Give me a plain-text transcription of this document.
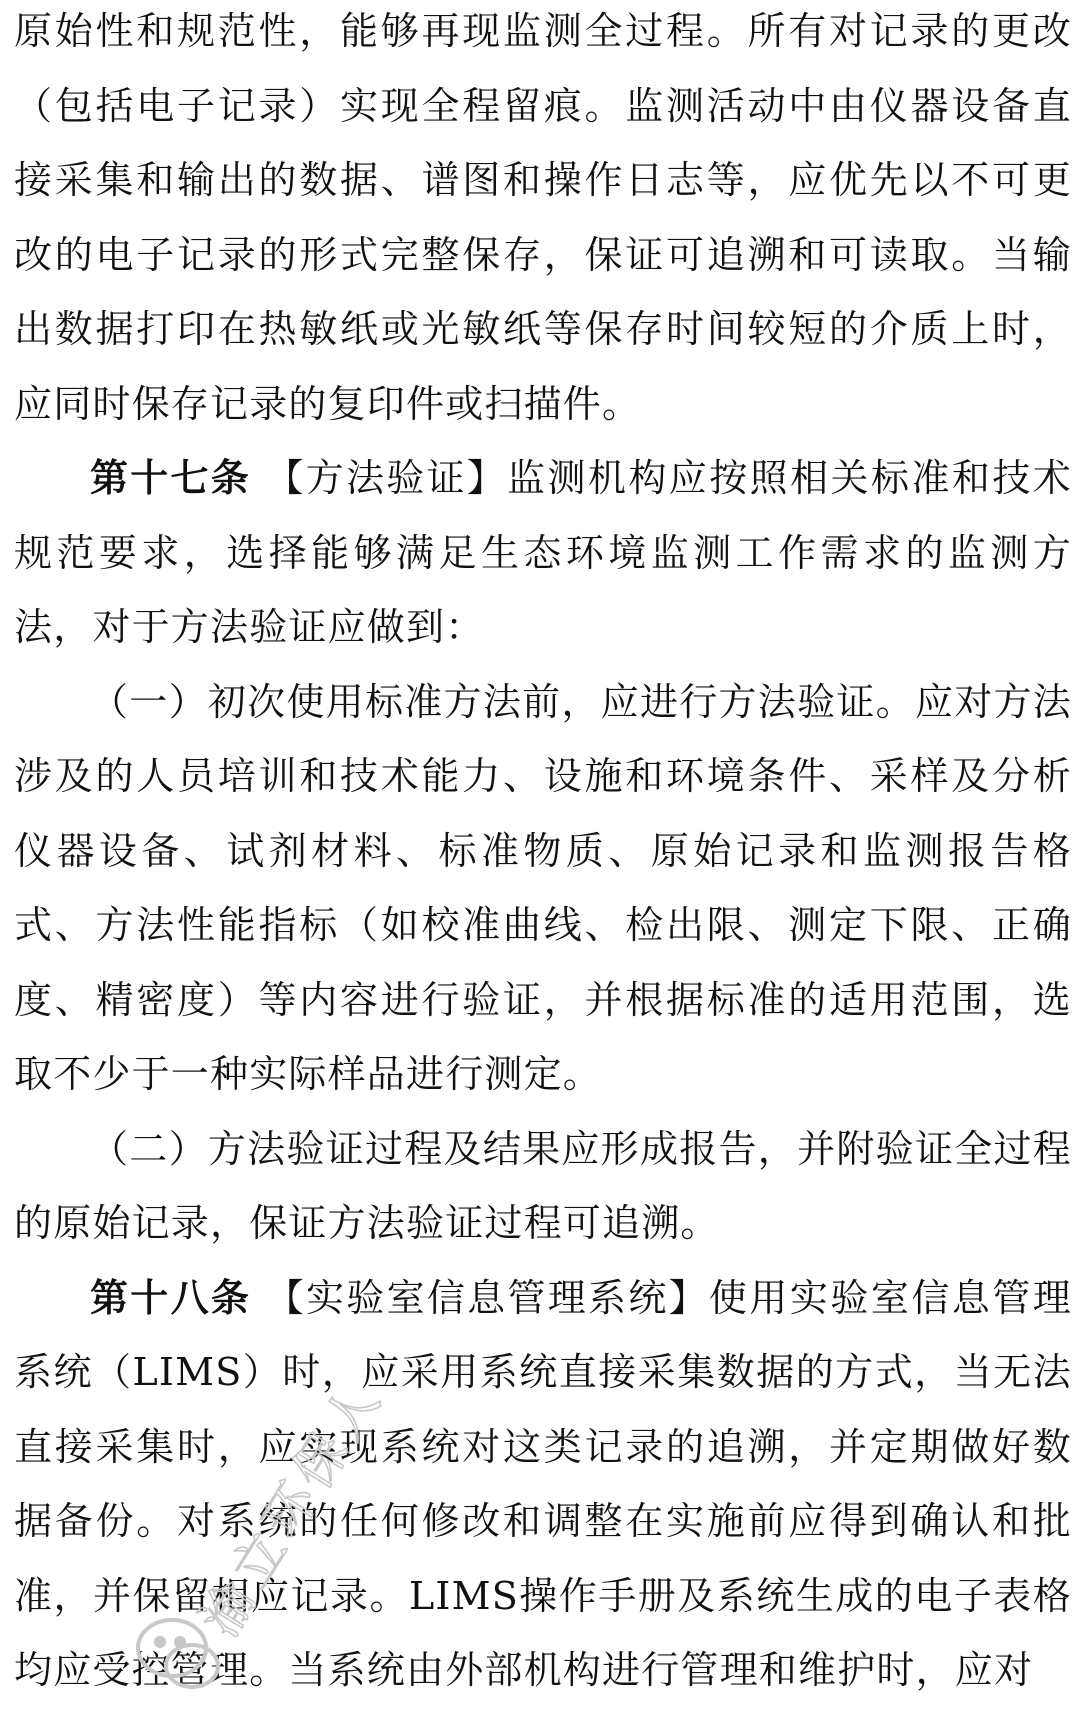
原始性和规范性，能够再现监测全过程。所有对记录的更改（包括电子记录）实现全程留痕。监测活动中由仪器设备直接采集和输出的数据、谱图和操作日志等，应优先以不可更改的电子记录的形式完整保存，保证可追溯和可读取。当输出数据打印在热敏纸或光敏纸等保存时间较短的介质上时，应同时保存记录的复印件或扫描件。

第十七条 【方法验证】监测机构应按照相关标准和技术规范要求，选择能够满足生态环境监测工作需求的监测方法，对于方法验证应做到：

（一）初次使用标准方法前，应进行方法验证。应对方法涉及的人员培训和技术能力、设施和环境条件、采样及分析仪器设备、试剂材料、标准物质、原始记录和监测报告格式、方法性能指标（如校准曲线、检出限、测定下限、正确度、精密度）等内容进行验证，并根据标准的适用范围，选取不少于一种实际样品进行测定。

（二）方法验证过程及结果应形成报告，并附验证全过程的原始记录，保证方法验证过程可追溯。

第十八条 【实验室信息管理系统】使用实验室信息管理系统（LIMS）时，应采用系统直接采集数据的方式，当无法直接采集时，应实现系统对这类记录的追溯，并定期做好数据备份。对系统的任何修改和调整在实施前应得到确认和批准，并保留相应记录。LIMS操作手册及系统生成的电子表格均应受控管理。当系统由外部机构进行管理和维护时，应对

渝立环保人
